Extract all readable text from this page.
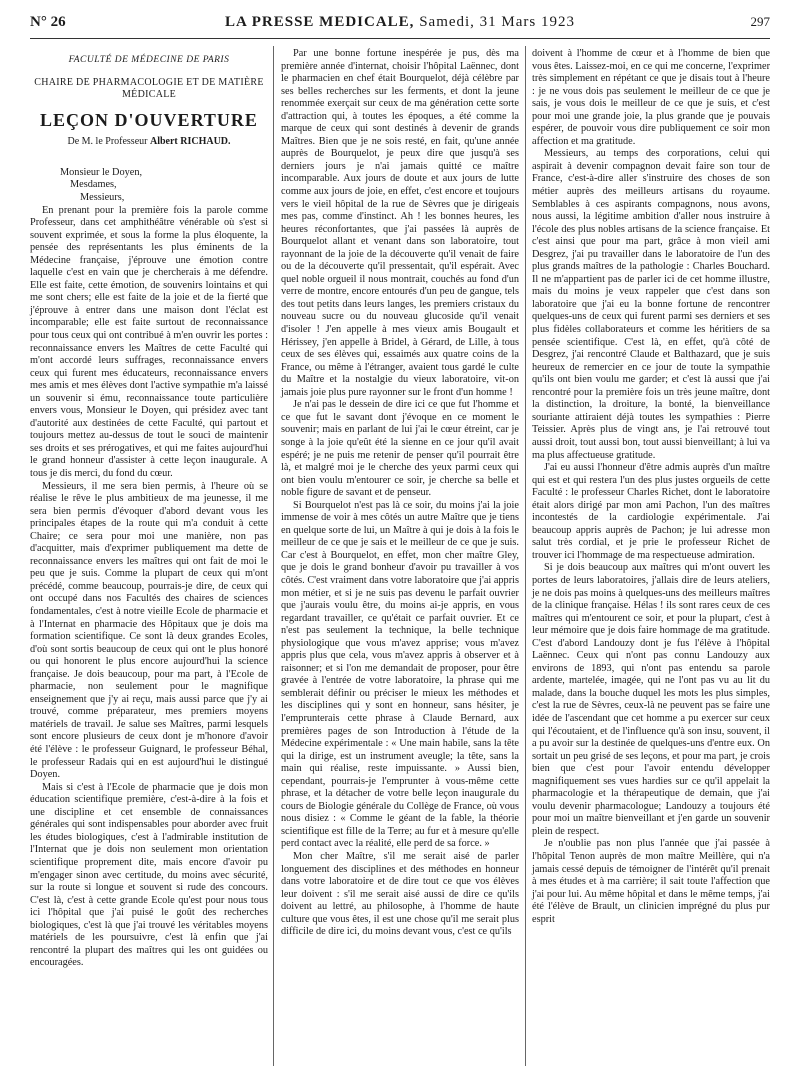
N° 26	LA PRESSE MEDICALE, Samedi, 31 Mars 1923	297
FACULTÉ DE MÉDECINE DE PARIS
CHAIRE DE PHARMACOLOGIE ET DE MATIÈRE MÉDICALE
LEÇON D'OUVERTURE
De M. le Professeur Albert RICHAUD.
Monsieur le Doyen,
Mesdames,
Messieurs,

En prenant pour la première fois la parole comme Professeur, dans cet amphithéâtre vénérable où s'est si souvent exprimée, et sous la forme la plus éloquente, la pensée des représentants les plus éminents de la Médecine française, j'éprouve une émotion contre laquelle c'est en vain que je chercherais à me défendre. Elle est faite, cette émotion, de souvenirs lointains et qui me sont chers; elle est faite de la joie et de la fierté que j'éprouve à entrer dans une maison dont l'éclat est incomparable; elle est faite surtout de reconnaissance pour tous ceux qui ont contribué à m'en ouvrir les portes : reconnaissance envers les Maîtres de cette Faculté qui m'ont accordé leurs suffrages, reconnaissance envers ceux qui furent mes éducateurs, reconnaissance envers mes amis et mes élèves dont l'active sympathie m'a laissé un souvenir si ému, reconnaissance toute particulière envers vous, Monsieur le Doyen, qui présidez avec tant d'autorité aux destinées de cette Faculté, qui partout et toujours mettez au-dessus de tout le souci de maintenir ses droits et ses prérogatives, et qui me faites aujourd'hui le grand honneur d'assister à cette leçon inaugurale. A tous je dis merci, du fond du cœur.

Messieurs, il me sera bien permis, à l'heure où se réalise le rêve le plus ambitieux de ma jeunesse, il me sera bien permis d'évoquer d'abord devant vous les principales étapes de la route qui m'a conduit à cette Chaire; ce sera pour moi une manière, non pas d'acquitter, mais d'exprimer publiquement ma dette de reconnaissance envers les maîtres qui ont fait de moi le peu que je suis. Comme la plupart de ceux qui m'ont précédé, comme beaucoup, pourrais-je dire, de ceux qui ont occupé dans nos Facultés des chaires de sciences fondamentales, c'est à notre vieille Ecole de pharmacie et à l'Internat en pharmacie des Hôpitaux que je dois ma formation scientifique. Ce sont là deux grandes Ecoles, d'où sont sortis beaucoup de ceux qui ont le plus honoré ou qui honorent le plus encore aujourd'hui la science française. Je dois beaucoup, pour ma part, à l'Ecole de pharmacie, non seulement pour le magnifique enseignement que j'y ai reçu, mais aussi parce que j'y ai trouvé, comme préparateur, mes premiers moyens matériels de travail. Je salue ses Maîtres, parmi lesquels sont encore plusieurs de ceux dont je m'honore d'avoir été l'élève : le professeur Guignard, le professeur Béhal, le professeur Radais qui en est aujourd'hui le distingué Doyen.

Mais si c'est à l'Ecole de pharmacie que je dois mon éducation scientifique première, c'est-à-dire à la fois et une discipline et cet ensemble de connaissances générales qui sont indispensables pour aborder avec fruit les études biologiques, c'est à l'admirable institution de l'Internat que je dois non seulement mon orientation scientifique proprement dite, mais encore d'avoir pu m'engager sinon avec certitude, du moins avec sécurité, sur la route si longue et souvent si rude des concours. C'est là, c'est à cette grande Ecole qu'est pour nous tous ici l'hôpital que j'ai puisé le goût des recherches biologiques, c'est là que j'ai trouvé les véritables moyens matériels de les poursuivre, c'est là enfin que j'ai rencontré la plupart des maîtres qui les ont guidées ou encouragées.

Par une bonne fortune inespérée je pus, dès ma première année d'internat, choisir l'hôpital Laënnec, dont le pharmacien en chef était Bourquelot, déjà célèbre par ses belles recherches sur les ferments, et dont la jeune renommée exerçait sur ceux de ma génération cette sorte d'attraction qui, à toutes les époques, a été comme la marque de ceux qui sont destinés à devenir de grands Maîtres. Bien que je ne sois resté, en fait, qu'une année auprès de Bourquelot, je peux dire que jusqu'à ses derniers jours je n'ai jamais quitté ce maître incomparable. Aux jours de doute et aux jours de lutte comme aux jours de joie, en effet, c'est encore et toujours vers le vieil hôpital de la rue de Sèvres que je dirigeais mes pas, comme d'instinct. Ah ! les bonnes heures, les heures réconfortantes, que j'ai passées là auprès de Bourquelot allant et venant dans son laboratoire, tout rayonnant de la joie de la découverte qu'il venait de faire ou de la découverte qu'il pressentait, qu'il espérait. Avec quel noble orgueil il nous montrait, couchés au fond d'un verre de montre, encore entourés d'un peu de gangue, tels des tout petits dans leurs langes, les premiers cristaux du nouveau sucre ou du nouveau glucoside qu'il venait d'isoler ! J'en appelle à mes vieux amis Bougault et Hérissey, j'en appelle à Bridel, à Gérard, de Lille, à tous ceux de ses élèves qui, essaimés aux quatre coins de la France, ou même à l'étranger, avaient tous gardé le culte du Maître et la nostalgie du vieux laboratoire, vit-on jamais joie plus pure rayonner sur le front d'un homme !

Je n'ai pas le dessein de dire ici ce que fut l'homme et ce que fut le savant dont j'évoque en ce moment le souvenir; mais en parlant de lui j'ai le cœur étreint, car je songe à la joie qu'eût été la sienne en ce jour qu'il avait espéré; je ne puis me retenir de penser qu'il pourrait être là, et malgré moi je le cherche des yeux parmi ceux qui ont bien voulu m'entourer ce soir, je cherche sa belle et noble figure de savant et de penseur.

Si Bourquelot n'est pas là ce soir, du moins j'ai la joie immense de voir à mes côtés un autre Maître que je tiens en quelque sorte de lui, un Maître à qui je dois à la fois le meilleur de ce que je sais et le meilleur de ce que je suis. Car c'est à Bourquelot, en effet, mon cher maître Gley, que je dois le grand bonheur d'avoir pu travailler à vos côtés. C'est vraiment dans votre laboratoire que j'ai appris mon métier, et si je ne suis pas devenu le parfait ouvrier que j'aurais voulu être, du moins ai-je appris, en vous regardant travailler, ce qu'était ce parfait ouvrier. Et ce n'est pas seulement la technique, la belle technique physiologique que vous m'avez apprise; vous m'avez appris plus que cela, vous m'avez appris à observer et à raisonner; et si l'on me demandait de proposer, pour être gravée à l'entrée de votre laboratoire, la phrase qui me semblerait définir ou préciser le mieux les méthodes et les disciplines qui y sont en honneur, sans hésiter, je l'emprunterais cette phrase à Claude Bernard, aux premières pages de son Introduction à l'étude de la Médecine expérimentale : « Une main habile, sans la tête qui la dirige, est un instrument aveugle; la tête, sans la main qui réalise, reste impuissante. » Aussi bien, cependant, pourrais-je l'emprunter à vous-même cette phrase, et la détacher de votre belle leçon inaugurale du cours de Biologie générale du Collège de France, où vous nous disiez : « Comme le géant de la fable, la théorie scientifique est fille de la Terre; au fur et à mesure qu'elle perd contact avec la réalité, elle perd de sa force. »

Mon cher Maître, s'il me serait aisé de parler longuement des disciplines et des méthodes en honneur dans votre laboratoire et de dire tout ce que vos élèves leur doivent : s'il me serait aisé aussi de dire ce qu'ils doivent au lettré, au philosophe, à l'homme de haute culture que vous êtes, il est une chose qu'il me serait plus difficile de dire ici, du moins devant vous, c'est ce qu'ils

doivent à l'homme de cœur et à l'homme de bien que vous êtes. Laissez-moi, en ce qui me concerne, l'exprimer très simplement en répétant ce que je disais tout à l'heure : je ne vous dois pas seulement le meilleur de ce que je sais, je vous dois le meilleur de ce que je suis, et c'est pour moi une grande joie, la plus grande que je pouvais espérer, de pouvoir vous dire publiquement ce soir mon affection et ma gratitude.

Messieurs, au temps des corporations, celui qui aspirait à devenir compagnon devait faire son tour de France, c'est-à-dire aller s'instruire des choses de son métier auprès des meilleurs artisans du royaume. Semblables à ces aspirants compagnons, nous avons, nous aussi, la légitime ambition d'aller nous instruire à l'école des plus nobles artisans de la science française. Et c'est ainsi que pour ma part, grâce à mon vieil ami Desgrez, j'ai pu travailler dans le laboratoire de l'un des plus grands maîtres de la pathologie : Charles Bouchard. Il ne m'appartient pas de parler ici de cet homme illustre, mais du moins je veux rappeler que c'est dans son laboratoire que j'ai eu la bonne fortune de rencontrer quelques-uns de ceux qui furent parmi ses derniers et ses plus fidèles collaborateurs et comme les héritiers de sa pensée scientifique. C'est là, en effet, qu'à côté de Desgrez, j'ai rencontré Claude et Balthazard, que je suis heureux de remercier en ce jour de toute la sympathie qu'ils ont bien voulu me garder; et c'est là aussi que j'ai rencontré pour la première fois un très jeune maître, dont la distinction, la droiture, la bonté, la bienveillance souriante attiraient déjà toutes les sympathies : Pierre Teissier. Après plus de vingt ans, je l'ai retrouvé tout aussi droit, tout aussi bon, tout aussi bienveillant; à lui va ma plus affectueuse gratitude.

J'ai eu aussi l'honneur d'être admis auprès d'un maître qui est et qui restera l'un des plus justes orgueils de cette Faculté : le professeur Charles Richet, dont le laboratoire était alors dirigé par mon ami Pachon, l'un des maîtres incontestés de la cardiologie expérimentale. J'ai beaucoup appris auprès de Pachon; je lui adresse mon salut très cordial, et je prie le professeur Richet de trouver ici l'hommage de ma respectueuse admiration.

Si je dois beaucoup aux maîtres qui m'ont ouvert les portes de leurs laboratoires, j'allais dire de leurs ateliers, je ne dois pas moins à quelques-uns des meilleurs maîtres de la clinique française. Hélas ! ils sont rares ceux de ces maîtres qui m'entourent ce soir, et pour la plupart, c'est à leur mémoire que je dois faire hommage de ma gratitude. C'est d'abord Landouzy dont je fus l'élève à l'hôpital Laënnec. Ceux qui n'ont pas connu Landouzy aux environs de 1893, qui n'ont pas entendu sa parole ardente, martelée, imagée, qui ne l'ont pas vu au lit du malade, dans la bouche duquel les mots les plus simples, c'est la rue de Sèvres, ceux-là ne peuvent pas se faire une idée de l'ascendant que cet homme a pu exercer sur ceux qui l'écoutaient, et de l'influence qu'à son insu, souvent, il a pu avoir sur la destinée de quelques-uns d'entre eux. On sortait un peu grisé de ses leçons, et pour ma part, je crois bien que c'est pour l'avoir entendu développer magnifiquement ses vues hardies sur ce qu'il appelait la pharmacologie et la thérapeutique de demain, que j'ai voulu devenir pharmacologue; Landouzy a toujours été pour moi un maître bienveillant et j'en garde un souvenir plein de respect.

Je n'oublie pas non plus l'année que j'ai passée à l'hôpital Tenon auprès de mon maître Meillère, qui n'a jamais cessé depuis de témoigner de l'intérêt qu'il prenait à mes études et à ma carrière; il sait toute l'affection que j'ai pour lui. Au même hôpital et dans le même temps, j'ai été l'élève de Brault, un clinicien imprégné du plus pur esprit
